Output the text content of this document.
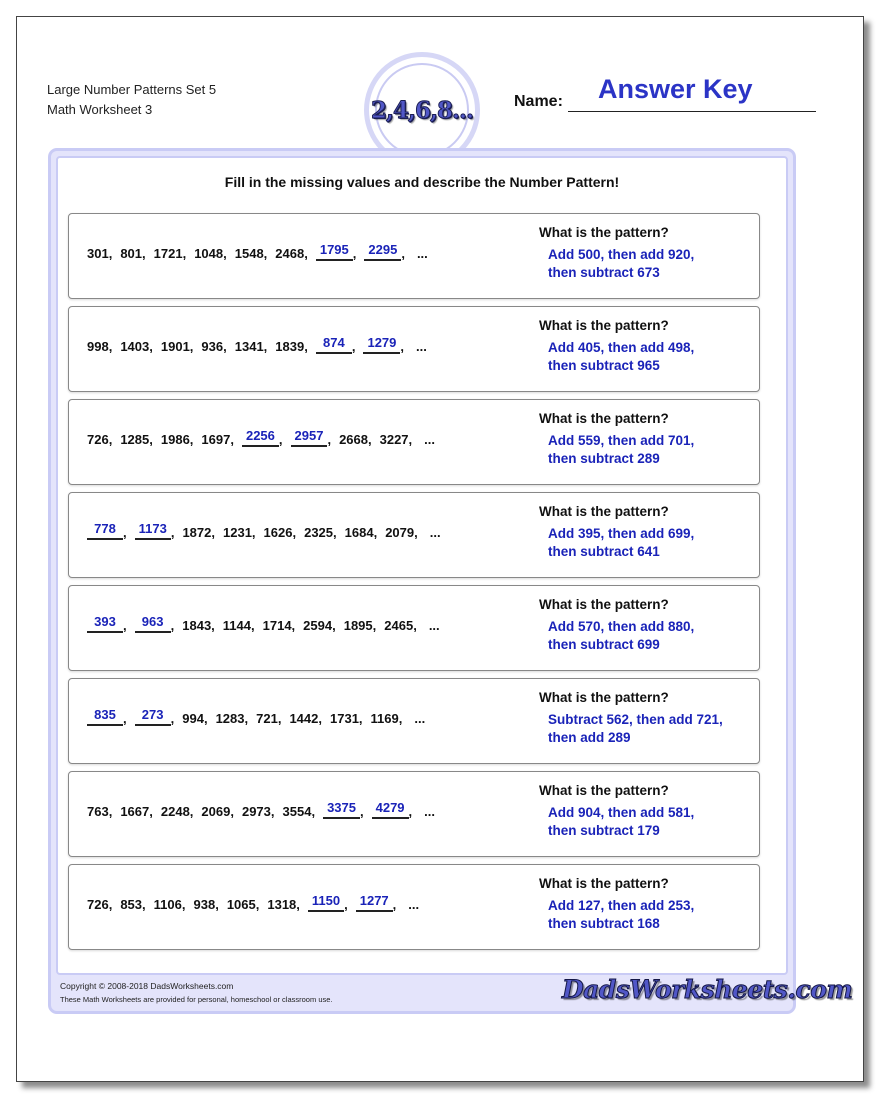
Large Number Patterns Set 5
Math Worksheet 3	2,4,6,8...	Name: Answer Key
Fill in the missing values and describe the Number Pattern!
301 , 801 , 1721 , 1048 , 1548 , 2468 , 1795 , 2295 , ...
What is the pattern?
Add 500, then add 920,
then subtract 673
998 , 1403 , 1901 , 936 , 1341 , 1839 ,	874 , 1279 , ...
What is the pattern?
Add 405, then add 498,
then subtract 965
726 , 1285 , 1986 , 1697 , 2256 , 2957 , 2668 , 3227 , ...
What is the pattern?
Add 559, then add 701,
then subtract 289
778 , 1173 , 1872 , 1231 , 1626 , 2325 , 1684 , 2079 , ...
What is the pattern?
Add 395, then add 699,
then subtract 641
393 ,	963 , 1843 , 1144 , 1714 , 2594 , 1895 , 2465 , ...
What is the pattern?
Add 570, then add 880,
then subtract 699
835 ,	273 , 994 , 1283 , 721 , 1442 , 1731 , 1169 , ...
What is the pattern?
Subtract 562, then add 721,
then add 289
763 , 1667 , 2248 , 2069 , 2973 , 3554 , 3375 , 4279 , ...
What is the pattern?
Add 904, then add 581,
then subtract 179
726 , 853 , 1106 , 938 , 1065 , 1318 , 1150 , 1277 , ...
What is the pattern?
Add 127, then add 253,
then subtract 168
Copyright © 2008-2018 DadsWorksheets.com
These Math Worksheets are provided for personal, homeschool or classroom use.	DadsWorksheets.com
